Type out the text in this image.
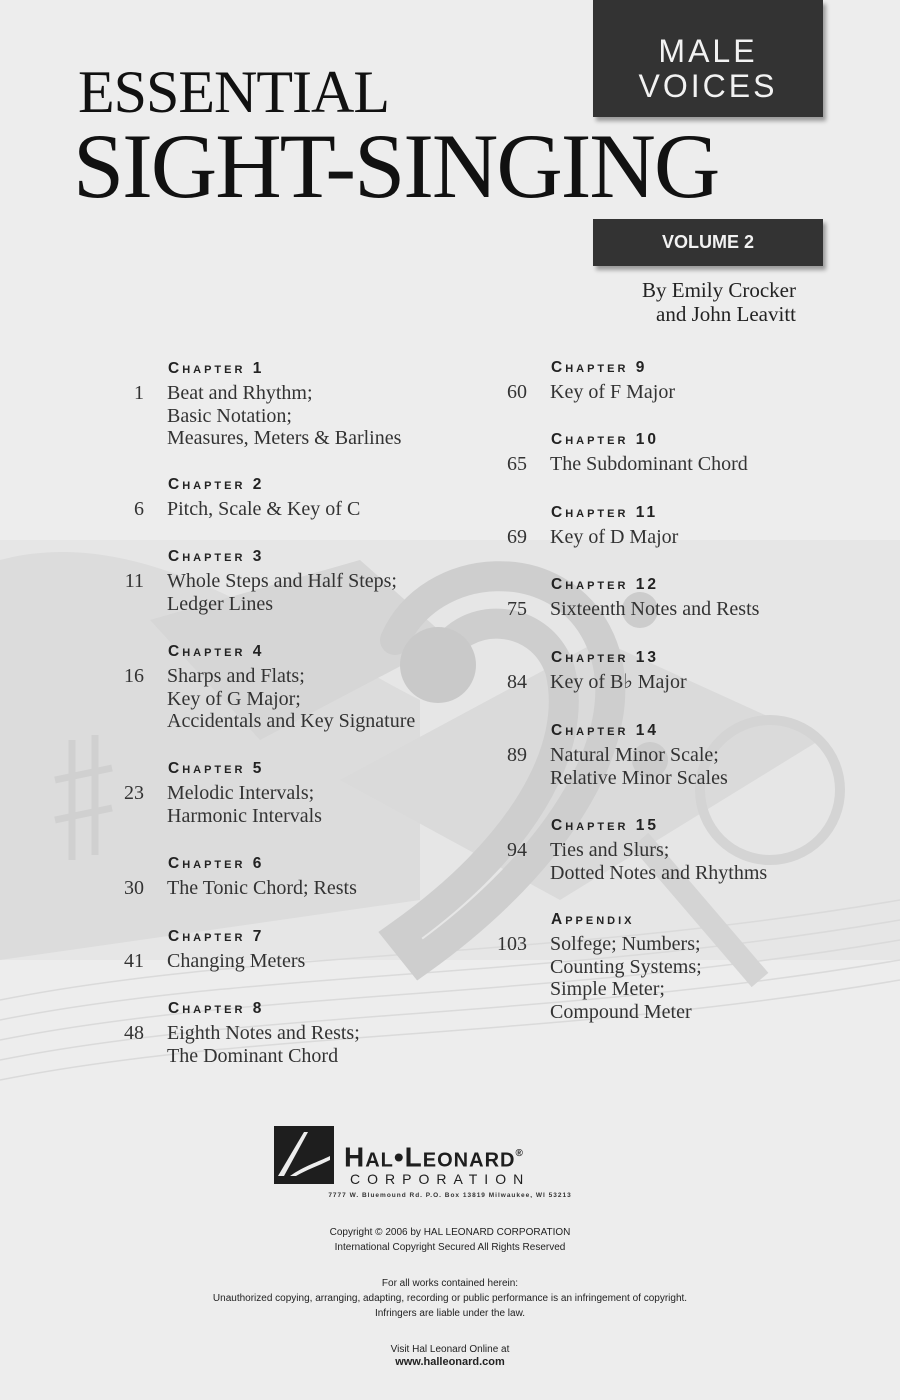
MALE
VOICES
ESSENTIAL
SIGHT-SINGING
VOLUME 2
By Emily Crocker
and John Leavitt
Chapter 1
1 Beat and Rhythm;
Basic Notation;
Measures, Meters & Barlines
Chapter 2
6 Pitch, Scale & Key of C
Chapter 3
11 Whole Steps and Half Steps;
Ledger Lines
Chapter 4
16 Sharps and Flats;
Key of G Major;
Accidentals and Key Signature
Chapter 5
23 Melodic Intervals;
Harmonic Intervals
Chapter 6
30 The Tonic Chord; Rests
Chapter 7
41 Changing Meters
Chapter 8
48 Eighth Notes and Rests;
The Dominant Chord
Chapter 9
60 Key of F Major
Chapter 10
65 The Subdominant Chord
Chapter 11
69 Key of D Major
Chapter 12
75 Sixteenth Notes and Rests
Chapter 13
84 Key of B♭ Major
Chapter 14
89 Natural Minor Scale;
Relative Minor Scales
Chapter 15
94 Ties and Slurs;
Dotted Notes and Rhythms
Appendix
103 Solfege; Numbers;
Counting Systems;
Simple Meter;
Compound Meter
Hal•Leonard®
CORPORATION
7777 W. Bluemound Rd. P.O. Box 13819 Milwaukee, WI 53213
Copyright © 2006 by HAL LEONARD CORPORATION
International Copyright Secured All Rights Reserved
For all works contained herein:
Unauthorized copying, arranging, adapting, recording or public performance is an infringement of copyright.
Infringers are liable under the law.
Visit Hal Leonard Online at
www.halleonard.com
